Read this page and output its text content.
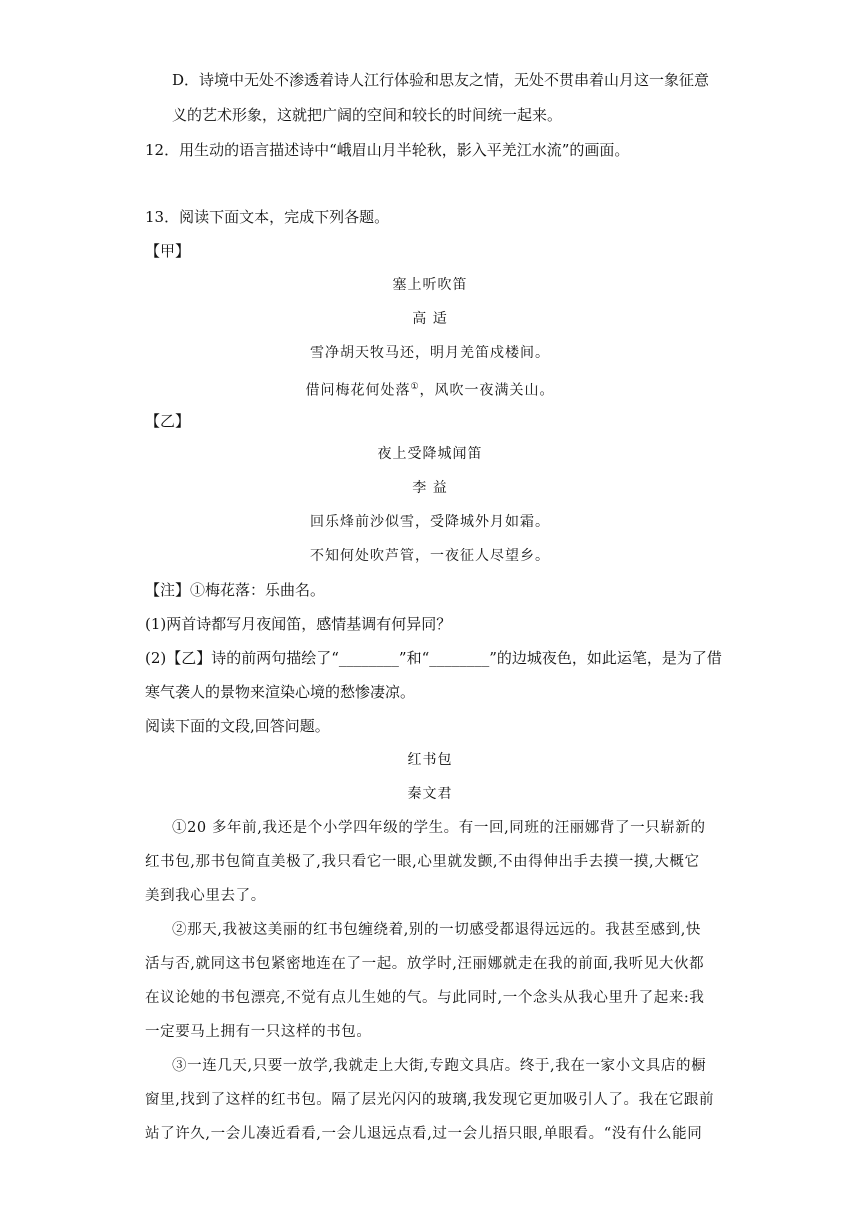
D．诗境中无处不渗透着诗人江行体验和思友之情，无处不贯串着山月这一象征意
义的艺术形象，这就把广阔的空间和较长的时间统一起来。
12．用生动的语言描述诗中“峨眉山月半轮秋，影入平羌江水流”的画面。
13．阅读下面文本，完成下列各题。
【甲】
塞上听吹笛
高 适
雪净胡天牧马还，明月羌笛戍楼间。
借问梅花何处落①，风吹一夜满关山。
【乙】
夜上受降城闻笛
李 益
回乐烽前沙似雪，受降城外月如霜。
不知何处吹芦管，一夜征人尽望乡。
【注】①梅花落：乐曲名。
(1)两首诗都写月夜闻笛，感情基调有何异同？
(2)【乙】诗的前两句描绘了“________”和“________”的边城夜色，如此运笔，是为了借
寒气袭人的景物来渲染心境的愁惨凄凉。
阅读下面的文段,回答问题。
红书包
秦文君
①20 多年前,我还是个小学四年级的学生。有一回,同班的汪丽娜背了一只崭新的
红书包,那书包简直美极了,我只看它一眼,心里就发颤,不由得伸出手去摸一摸,大概它
美到我心里去了。
②那天,我被这美丽的红书包缠绕着,别的一切感受都退得远远的。我甚至感到,快
活与否,就同这书包紧密地连在了一起。放学时,汪丽娜就走在我的前面,我听见大伙都
在议论她的书包漂亮,不觉有点儿生她的气。与此同时,一个念头从我心里升了起来:我
一定要马上拥有一只这样的书包。
③一连几天,只要一放学,我就走上大街,专跑文具店。终于,我在一家小文具店的橱
窗里,找到了这样的红书包。隔了层光闪闪的玻璃,我发现它更加吸引人了。我在它跟前
站了许久,一会儿凑近看看,一会儿退远点看,过一会儿捂只眼,单眼看。“没有什么能同
